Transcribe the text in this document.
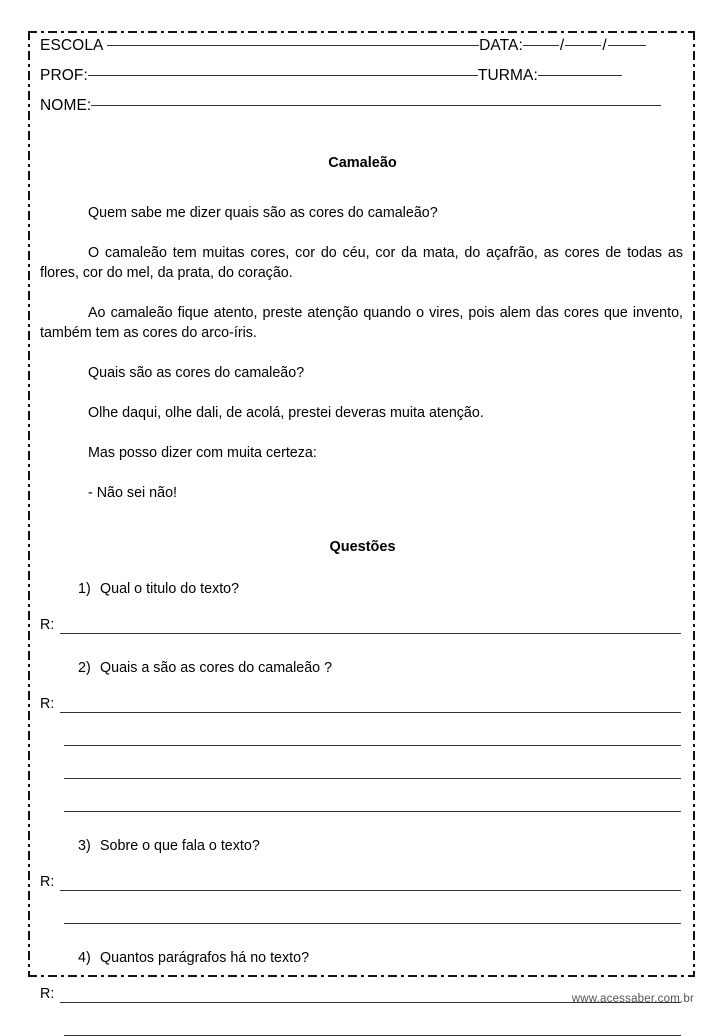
ESCOLA	DATA: / /
PROF:	TURMA:
NOME:
Camaleão
Quem sabe me dizer quais são as cores do camaleão?
O camaleão tem muitas cores, cor do céu, cor da mata, do açafrão, as cores de todas as flores, cor do mel, da prata, do coração.
Ao camaleão fique atento, preste atenção quando o vires, pois alem das cores que invento, também tem as cores do arco-íris.
Quais são as cores do camaleão?
Olhe daqui, olhe dali, de acolá, prestei deveras muita atenção.
Mas posso dizer com muita certeza:
- Não sei não!
Questões
1) Qual o titulo do texto?
R:
2) Quais a são as cores do camaleão ?
R:
3) Sobre o que fala o texto?
R:
4) Quantos parágrafos há no texto?
R:	www.acessaber.com.br
